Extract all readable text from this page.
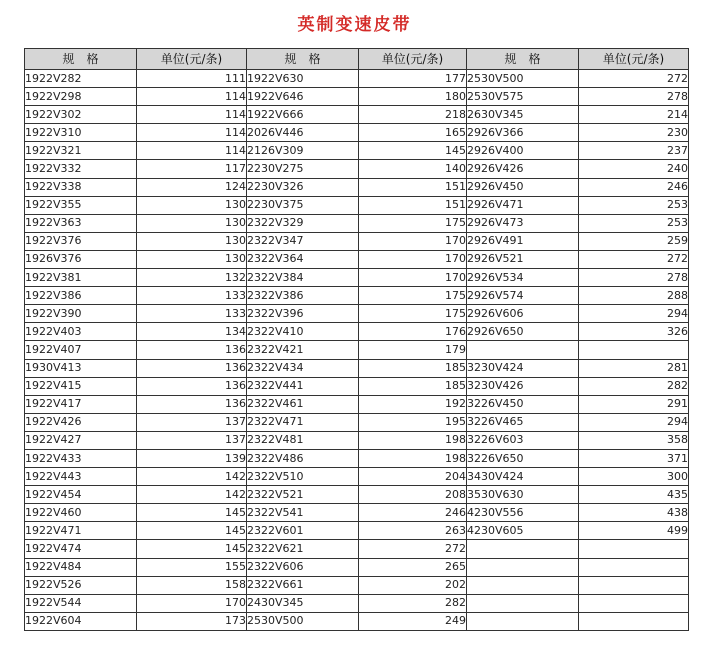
英制变速皮带
规　格	单位(元/条)	规　格	单位(元/条)	规　格	单位(元/条)
1922V282	111	1922V630	177	2530V500	272
1922V298	114	1922V646	180	2530V575	278
1922V302	114	1922V666	218	2630V345	214
1922V310	114	2026V446	165	2926V366	230
1922V321	114	2126V309	145	2926V400	237
1922V332	117	2230V275	140	2926V426	240
1922V338	124	2230V326	151	2926V450	246
1922V355	130	2230V375	151	2926V471	253
1922V363	130	2322V329	175	2926V473	253
1922V376	130	2322V347	170	2926V491	259
1926V376	130	2322V364	170	2926V521	272
1922V381	132	2322V384	170	2926V534	278
1922V386	133	2322V386	175	2926V574	288
1922V390	133	2322V396	175	2926V606	294
1922V403	134	2322V410	176	2926V650	326
1922V407	136	2322V421	179		
1930V413	136	2322V434	185	3230V424	281
1922V415	136	2322V441	185	3230V426	282
1922V417	136	2322V461	192	3226V450	291
1922V426	137	2322V471	195	3226V465	294
1922V427	137	2322V481	198	3226V603	358
1922V433	139	2322V486	198	3226V650	371
1922V443	142	2322V510	204	3430V424	300
1922V454	142	2322V521	208	3530V630	435
1922V460	145	2322V541	246	4230V556	438
1922V471	145	2322V601	263	4230V605	499
1922V474	145	2322V621	272		
1922V484	155	2322V606	265		
1922V526	158	2322V661	202		
1922V544	170	2430V345	282		
1922V604	173	2530V500	249		
